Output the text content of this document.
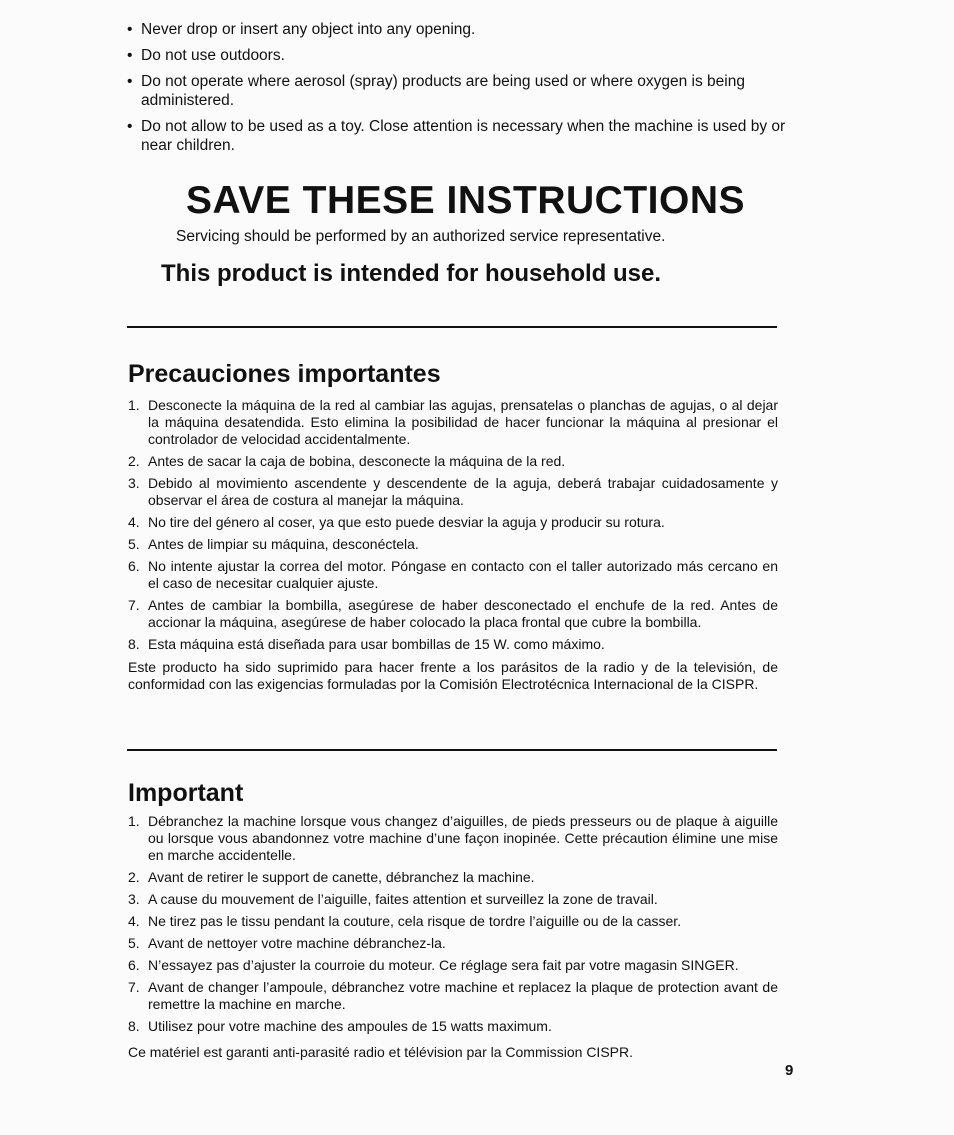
• Never drop or insert any object into any opening.
• Do not use outdoors.
• Do not operate where aerosol (spray) products are being used or where oxygen is being administered.
• Do not allow to be used as a toy. Close attention is necessary when the machine is used by or near children.
SAVE THESE INSTRUCTIONS
Servicing should be performed by an authorized service representative.
This product is intended for household use.
Precauciones importantes
1. Desconecte la máquina de la red al cambiar las agujas, prensatelas o planchas de agujas, o al dejar la máquina desatendida. Esto elimina la posibilidad de hacer funcionar la máquina al presionar el controlador de velocidad accidentalmente.
2. Antes de sacar la caja de bobina, desconecte la máquina de la red.
3. Debido al movimiento ascendente y descendente de la aguja, deberá trabajar cuidadosamente y observar el área de costura al manejar la máquina.
4. No tire del género al coser, ya que esto puede desviar la aguja y producir su rotura.
5. Antes de limpiar su máquina, desconéctela.
6. No intente ajustar la correa del motor. Póngase en contacto con el taller autorizado más cercano en el caso de necesitar cualquier ajuste.
7. Antes de cambiar la bombilla, asegúrese de haber desconectado el enchufe de la red. Antes de accionar la máquina, asegúrese de haber colocado la placa frontal que cubre la bombilla.
8. Esta máquina está diseñada para usar bombillas de 15 W. como máximo.

Este producto ha sido suprimido para hacer frente a los parásitos de la radio y de la televisión, de conformidad con las exigencias formuladas por la Comisión Electrotécnica Internacional de la CISPR.

Important
1. Débranchez la machine lorsque vous changez d’aiguilles, de pieds presseurs ou de plaque à aiguille ou lorsque vous abandonnez votre machine d’une façon inopinée. Cette précaution élimine une mise en marche accidentelle.
2. Avant de retirer le support de canette, débranchez la machine.
3. A cause du mouvement de l’aiguille, faites attention et surveillez la zone de travail.
4. Ne tirez pas le tissu pendant la couture, cela risque de tordre l’aiguille ou de la casser.
5. Avant de nettoyer votre machine débranchez-la.
6. N’essayez pas d’ajuster la courroie du moteur. Ce réglage sera fait par votre magasin SINGER.
7. Avant de changer l’ampoule, débranchez votre machine et replacez la plaque de protection avant de remettre la machine en marche.
8. Utilisez pour votre machine des ampoules de 15 watts maximum.

Ce matériel est garanti anti-parasité radio et télévision par la Commission CISPR.

9
